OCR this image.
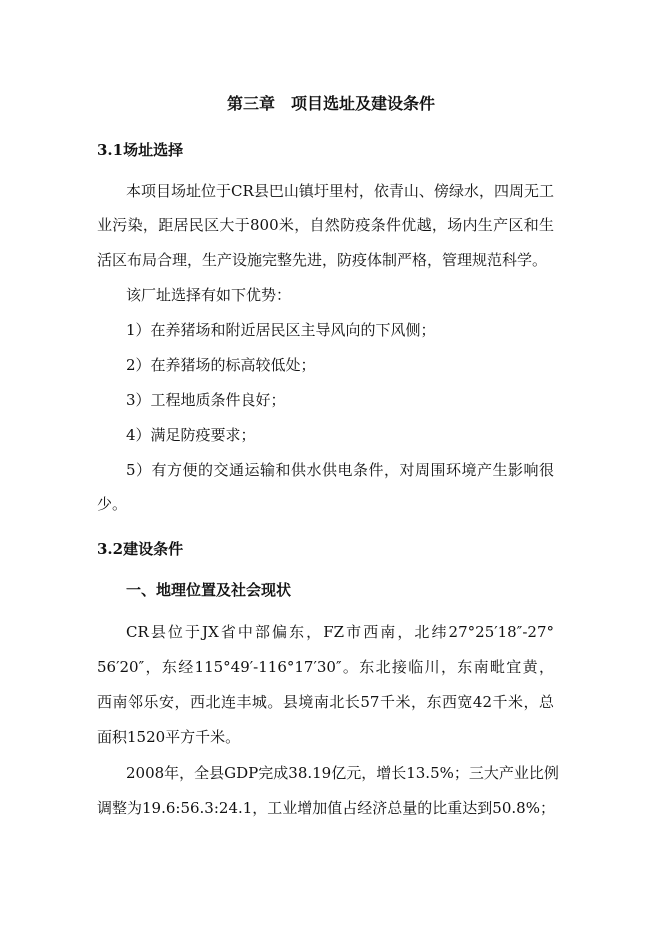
第三章　项目选址及建设条件
3.1场址选择
本项目场址位于CR县巴山镇圩里村，依青山、傍绿水，四周无工
业污染，距居民区大于800米，自然防疫条件优越，场内生产区和生
活区布局合理，生产设施完整先进，防疫体制严格，管理规范科学。
该厂址选择有如下优势：
1）在养猪场和附近居民区主导风向的下风侧；
2）在养猪场的标高较低处；
3）工程地质条件良好；
4）满足防疫要求；
5）有方便的交通运输和供水供电条件，对周围环境产生影响很
少。
3.2建设条件
一、地理位置及社会现状
CR县位于JX省中部偏东，FZ市西南，北纬27°25′18″-27°
56′20″，东经115°49′-116°17′30″。东北接临川，东南毗宜黄，
西南邻乐安，西北连丰城。县境南北长57千米，东西宽42千米，总
面积1520平方千米。
2008年，全县GDP完成38.19亿元，增长13.5%；三大产业比例
调整为19.6:56.3:24.1，工业增加值占经济总量的比重达到50.8%；
